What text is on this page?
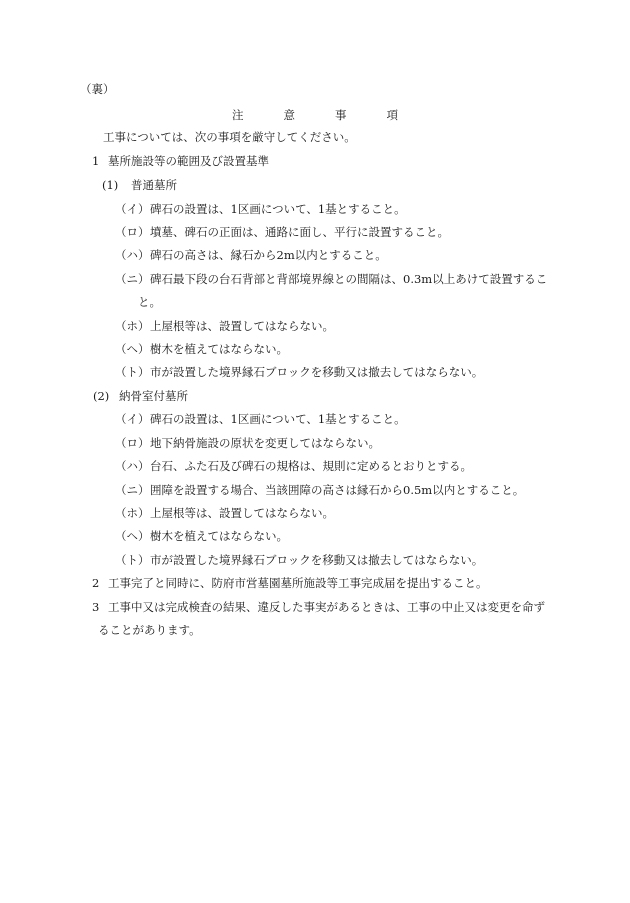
（裏）
注	意	事	項
工事については、次の事項を厳守してください。
1 墓所施設等の範囲及び設置基準
(1) 普通墓所
（イ） 碑石の設置は、1区画について、1基とすること。
（ロ） 墳墓、碑石の正面は、通路に面し、平行に設置すること。
（ハ） 碑石の高さは、縁石から2m以内とすること。
（ニ） 碑石最下段の台石背部と背部境界線との間隔は、0.3m以上あけて設置するこ
と。
（ホ） 上屋根等は、設置してはならない。
（ヘ） 樹木を植えてはならない。
（ト） 市が設置した境界縁石ブロックを移動又は撤去してはならない。
(2) 納骨室付墓所
（イ） 碑石の設置は、1区画について、1基とすること。
（ロ） 地下納骨施設の原状を変更してはならない。
（ハ） 台石、ふた石及び碑石の規格は、規則に定めるとおりとする。
（ニ） 囲障を設置する場合、当該囲障の高さは縁石から0.5m以内とすること。
（ホ） 上屋根等は、設置してはならない。
（ヘ） 樹木を植えてはならない。
（ト） 市が設置した境界縁石ブロックを移動又は撤去してはならない。
2 工事完了と同時に、防府市営墓園墓所施設等工事完成届を提出すること。
3 工事中又は完成検査の結果、違反した事実があるときは、工事の中止又は変更を命ず
ることがあります。
